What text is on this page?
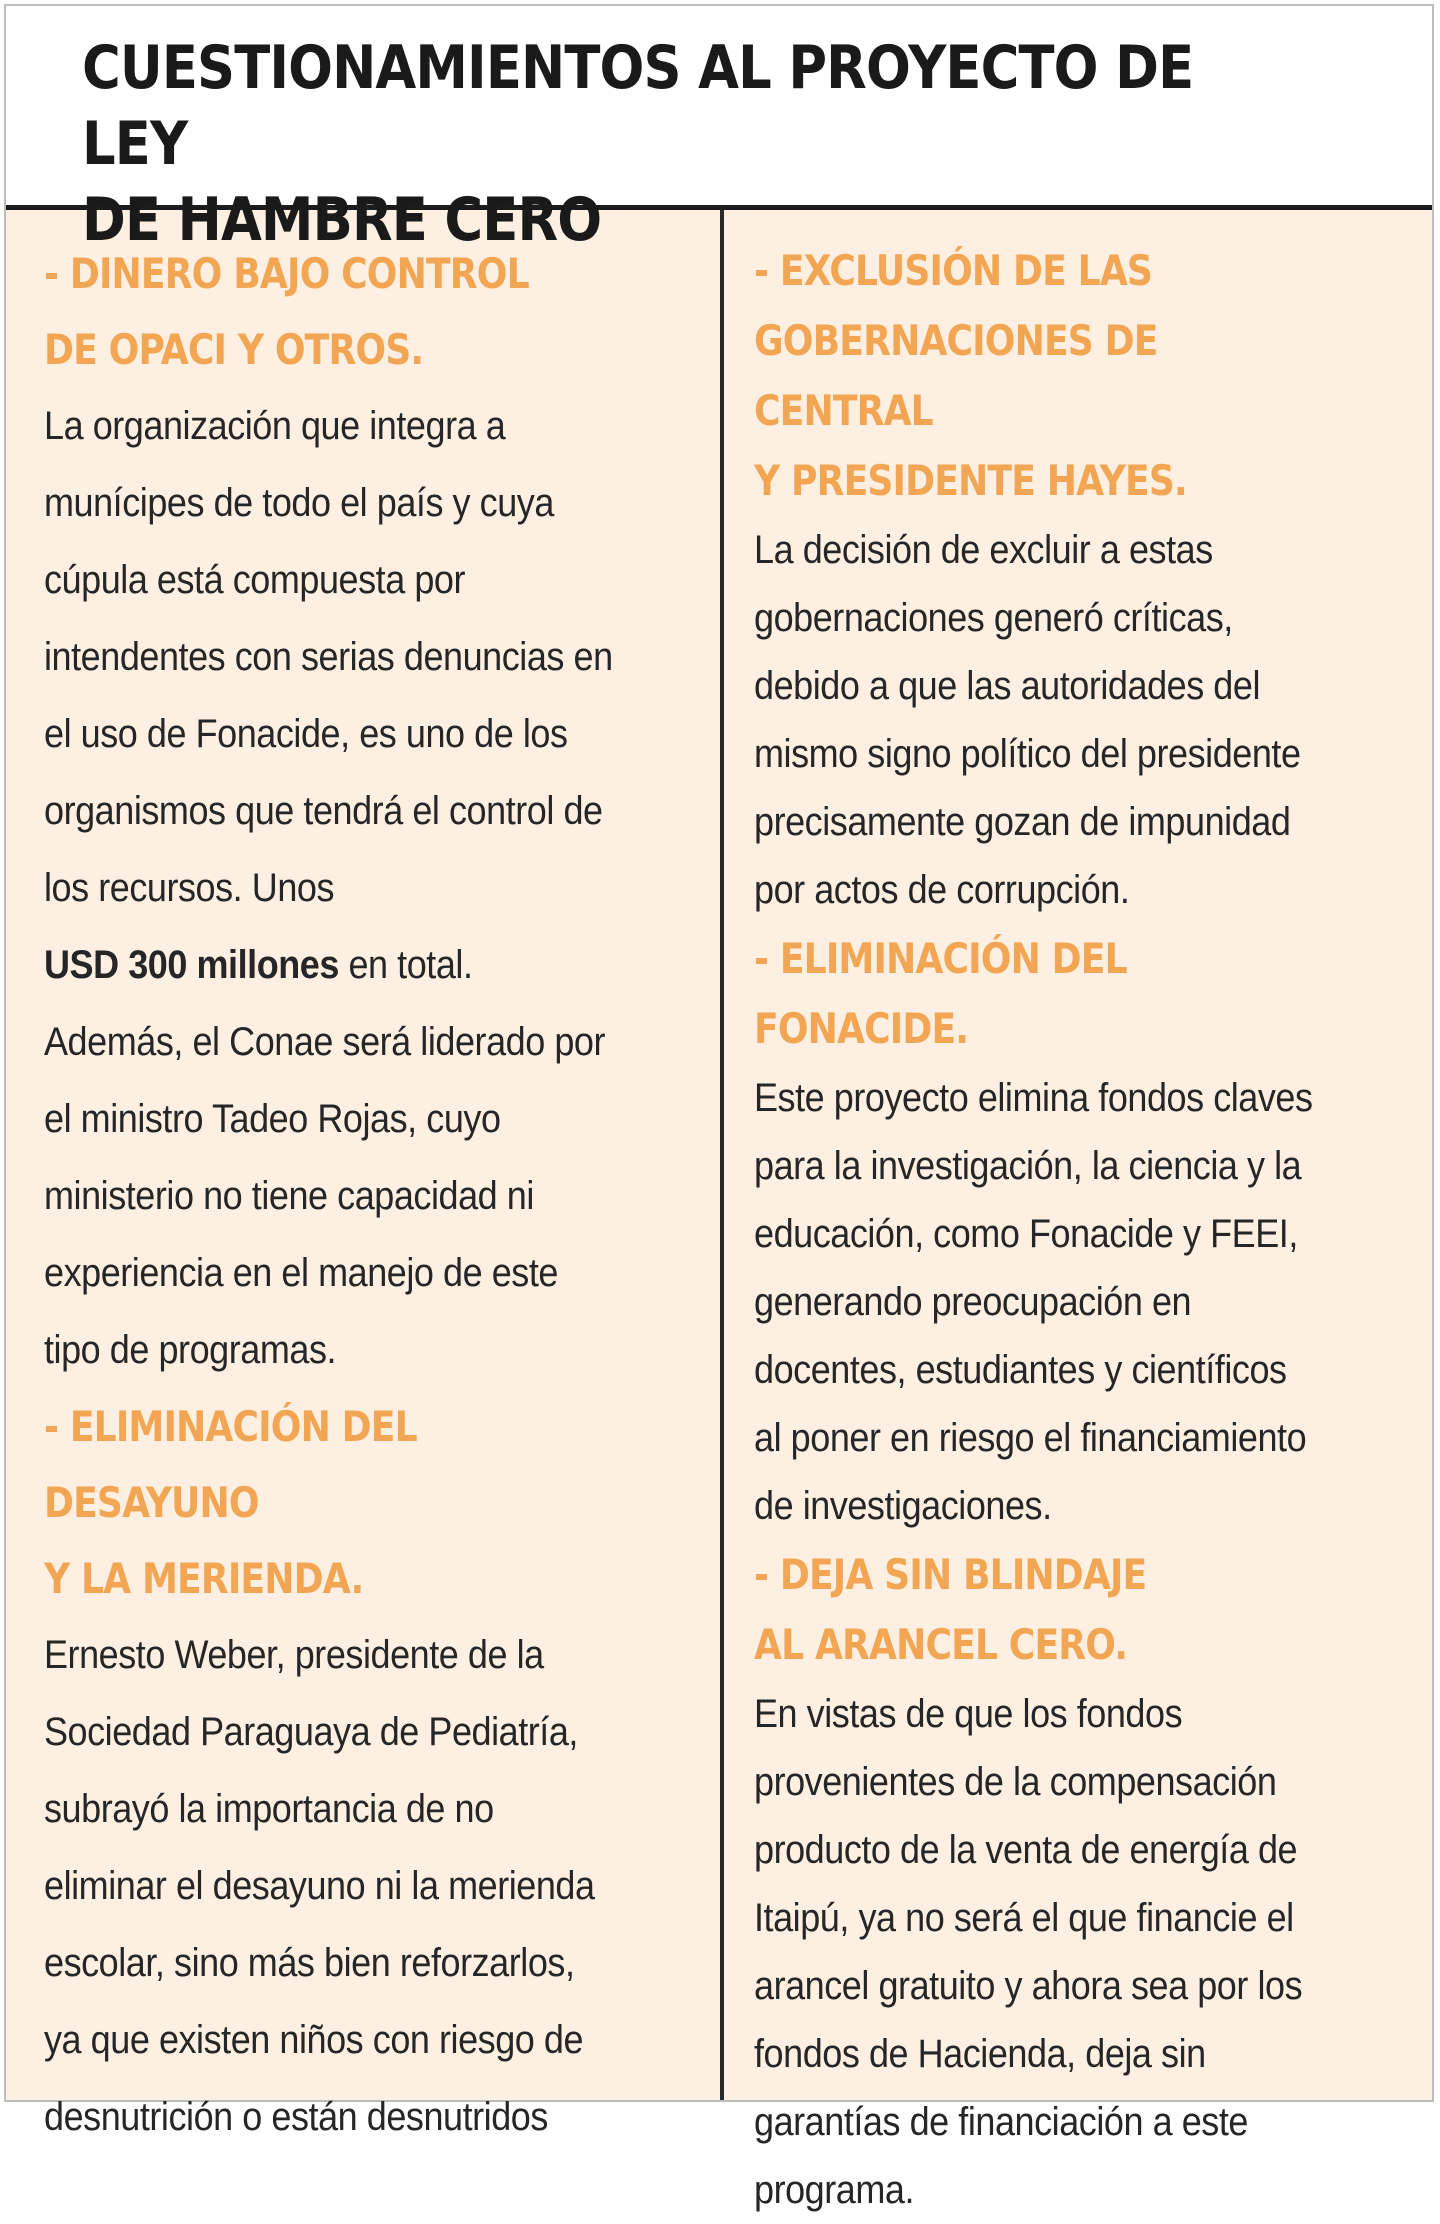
CUESTIONAMIENTOS AL PROYECTO DE LEY
DE HAMBRE CERO

- DINERO BAJO CONTROL
DE OPACI Y OTROS.

La organización que integra a
munícipes de todo el país y cuya
cúpula está compuesta por
intendentes con serias denuncias en
el uso de Fonacide, es uno de los
organismos que tendrá el control de
los recursos. Unos
USD 300 millones en total.
Además, el Conae será liderado por
el ministro Tadeo Rojas, cuyo
ministerio no tiene capacidad ni
experiencia en el manejo de este
tipo de programas.

- ELIMINACIÓN DEL DESAYUNO
Y LA MERIENDA.

Ernesto Weber, presidente de la
Sociedad Paraguaya de Pediatría,
subrayó la importancia de no
eliminar el desayuno ni la merienda
escolar, sino más bien reforzarlos,
ya que existen niños con riesgo de
desnutrición o están desnutridos

- EXCLUSIÓN DE LAS
GOBERNACIONES DE CENTRAL
Y PRESIDENTE HAYES.

La decisión de excluir a estas
gobernaciones generó críticas,
debido a que las autoridades del
mismo signo político del presidente
precisamente gozan de impunidad
por actos de corrupción.

- ELIMINACIÓN DEL FONACIDE.

Este proyecto elimina fondos claves
para la investigación, la ciencia y la
educación, como Fonacide y FEEI,
generando preocupación en
docentes, estudiantes y científicos
al poner en riesgo el financiamiento
de investigaciones.

- DEJA SIN BLINDAJE
AL ARANCEL CERO.

En vistas de que los fondos
provenientes de la compensación
producto de la venta de energía de
Itaipú, ya no será el que financie el
arancel gratuito y ahora sea por los
fondos de Hacienda, deja sin
garantías de financiación a este
programa.
